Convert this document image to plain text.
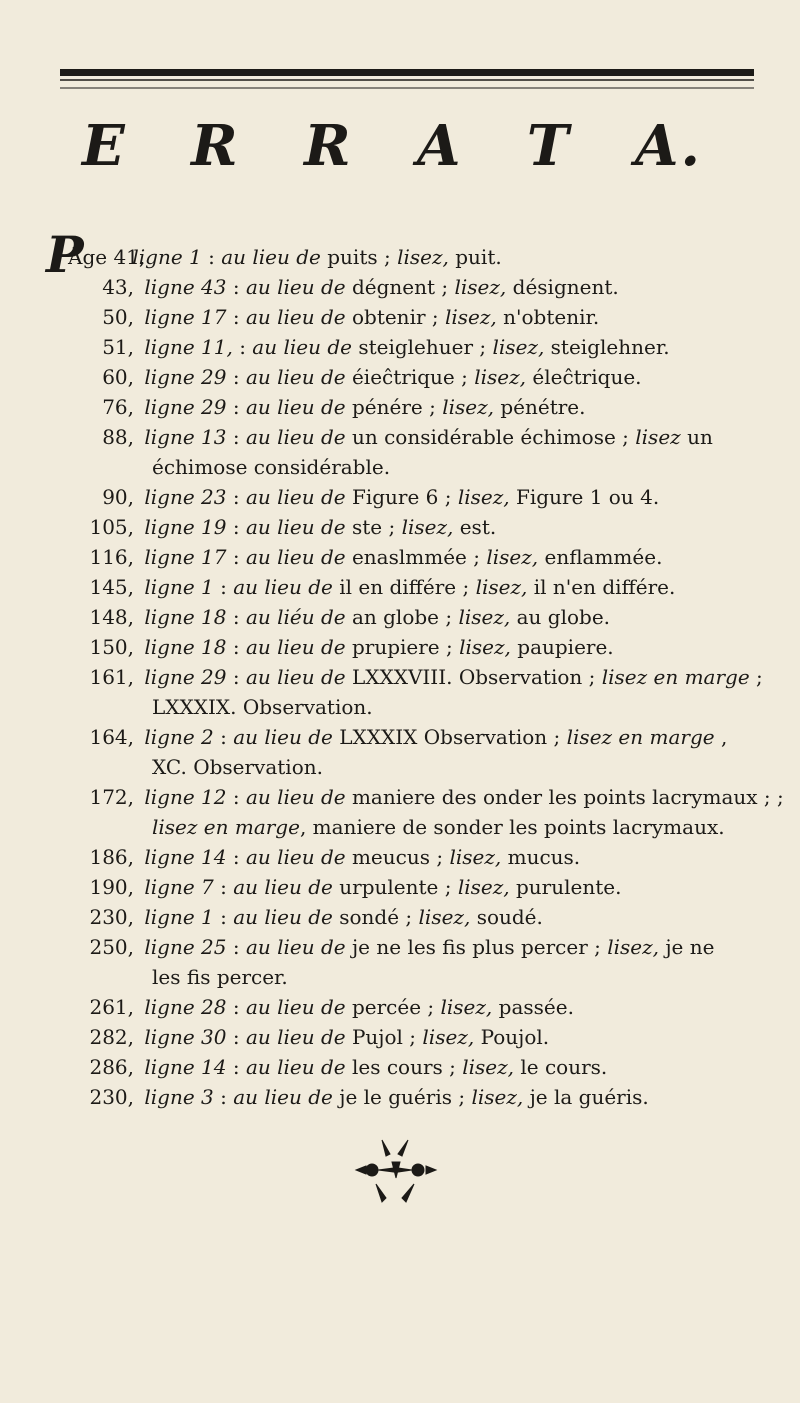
E R R A T A.
P
Âge 41, ligne 1 : au lieu de puits ; lisez, puit.
43, ligne 43 : au lieu de dégnent ; lisez, désignent.
50, ligne 17 : au lieu de obtenir ; lisez, n'obtenir.
51, ligne 11, : au lieu de steiglehuer ; lisez, steiglehner.
60, ligne 29 : au lieu de éieĉtrique ; lisez, éleĉtrique.
76, ligne 29 : au lieu de pénére ; lisez, pénétre.
88, ligne 13 : au lieu de un considérable échimose ; lisez un
échimose considérable.
90, ligne 23 : au lieu de Figure 6 ; lisez, Figure 1 ou 4.
105, ligne 19 : au lieu de ste ; lisez, est.
116, ligne 17 : au lieu de enaslmmée ; lisez, enflammée.
145, ligne 1 : au lieu de il en différe ; lisez, il n'en différe.
148, ligne 18 : au liéu de an globe ; lisez, au globe.
150, ligne 18 : au lieu de prupiere ; lisez, paupiere.
161, ligne 29 : au lieu de LXXXVIII. Observation ; lisez en marge ;
LXXXIX. Observation.
164, ligne 2 : au lieu de LXXXIX Observation ; lisez en marge ,
XC. Observation.
172, ligne 12 : au lieu de maniere des onder les points lacrymaux ; ;
lisez en marge, maniere de sonder les points lacrymaux.
186, ligne 14 : au lieu de meucus ; lisez, mucus.
190, ligne 7 : au lieu de urpulente ; lisez, purulente.
230, ligne 1 : au lieu de sondé ; lisez, soudé.
250, ligne 25 : au lieu de je ne les fis plus percer ; lisez, je ne
les fis percer.
261, ligne 28 : au lieu de percée ; lisez, passée.
282, ligne 30 : au lieu de Pujol ; lisez, Poujol.
286, ligne 14 : au lieu de les cours ; lisez, le cours.
230, ligne 3 : au lieu de je le guéris ; lisez, je la guéris.
